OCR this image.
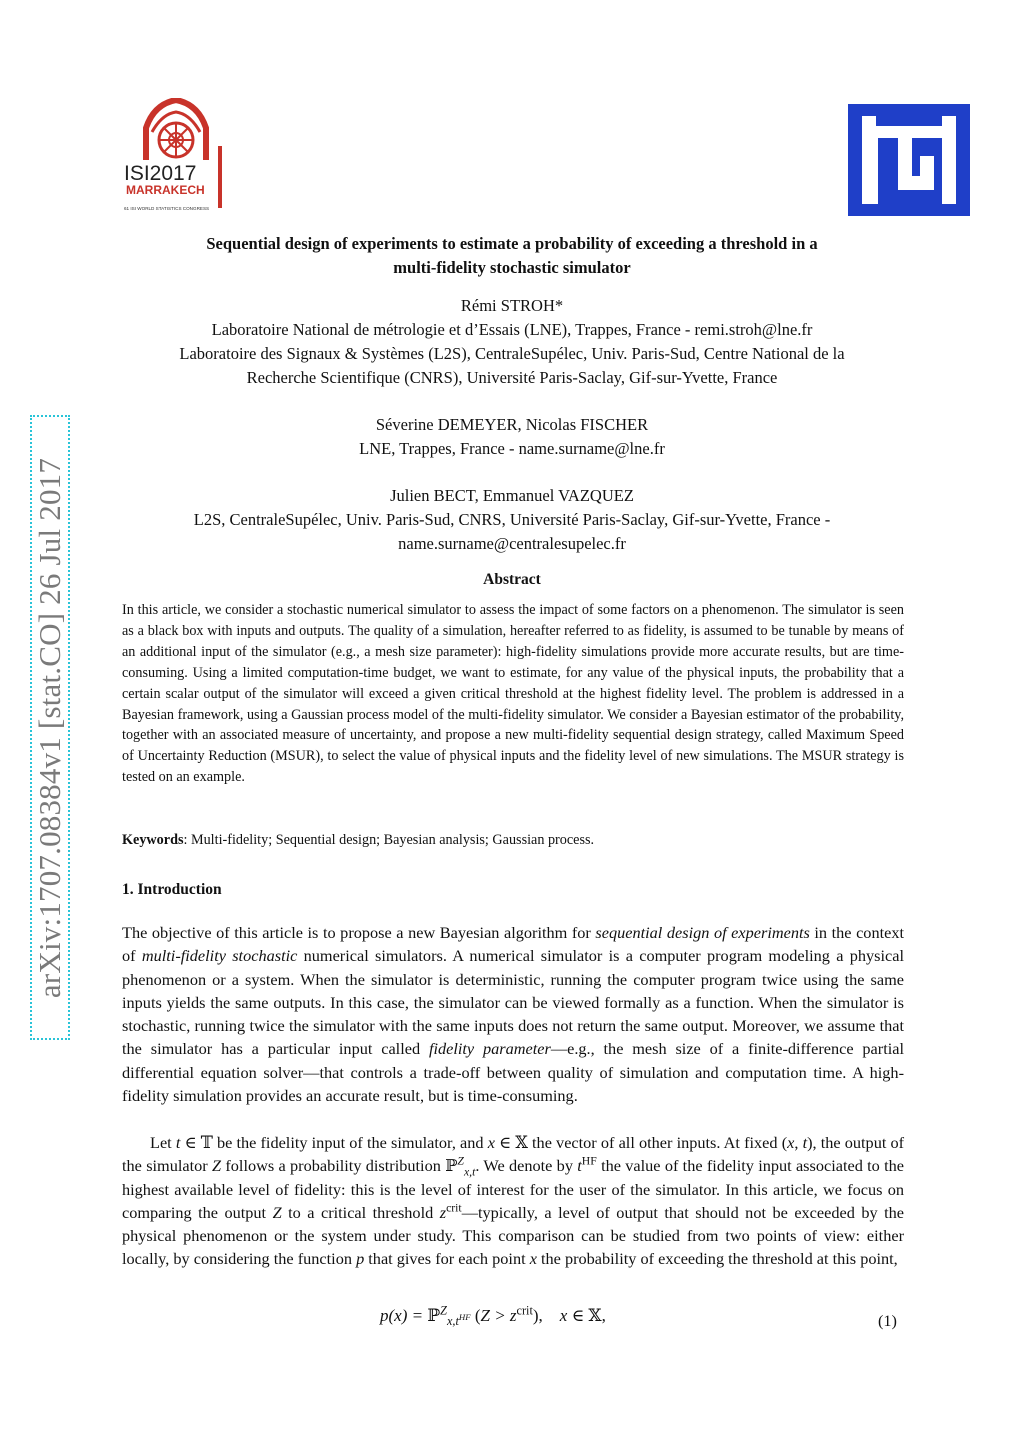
ISI2017
MARRAKECH
61 ISI WORLD STATISTICS CONGRESS
arXiv:1707.08384v1 [stat.CO] 26 Jul 2017
Sequential design of experiments to estimate a probability of exceeding a threshold in a
multi-fidelity stochastic simulator
Rémi STROH*
Laboratoire National de métrologie et d’Essais (LNE), Trappes, France - remi.stroh@lne.fr
Laboratoire des Signaux & Systèmes (L2S), CentraleSupélec, Univ. Paris-Sud, Centre National de la
Recherche Scientifique (CNRS), Université Paris-Saclay, Gif-sur-Yvette, France
Séverine DEMEYER, Nicolas FISCHER
LNE, Trappes, France - name.surname@lne.fr
Julien BECT, Emmanuel VAZQUEZ
L2S, CentraleSupélec, Univ. Paris-Sud, CNRS, Université Paris-Saclay, Gif-sur-Yvette, France -
name.surname@centralesupelec.fr
Abstract
In this article, we consider a stochastic numerical simulator to assess the impact of some factors on a phenomenon. The simulator is seen as a black box with inputs and outputs. The quality of a simulation, hereafter referred to as fidelity, is assumed to be tunable by means of an additional input of the simulator (e.g., a mesh size parameter): high-fidelity simulations provide more accurate results, but are time-consuming. Using a limited computation-time budget, we want to estimate, for any value of the physical inputs, the probability that a certain scalar output of the simulator will exceed a given critical threshold at the highest fidelity level. The problem is addressed in a Bayesian framework, using a Gaussian process model of the multi-fidelity simulator. We consider a Bayesian estimator of the probability, together with an associated measure of uncertainty, and propose a new multi-fidelity sequential design strategy, called Maximum Speed of Uncertainty Reduction (MSUR), to select the value of physical inputs and the fidelity level of new simulations. The MSUR strategy is tested on an example.
Keywords: Multi-fidelity; Sequential design; Bayesian analysis; Gaussian process.
1. Introduction
The objective of this article is to propose a new Bayesian algorithm for sequential design of experiments in the context of multi-fidelity stochastic numerical simulators. A numerical simulator is a computer program modeling a physical phenomenon or a system. When the simulator is deterministic, running the computer program twice using the same inputs yields the same outputs. In this case, the simulator can be viewed formally as a function. When the simulator is stochastic, running twice the simulator with the same inputs does not return the same output. Moreover, we assume that the simulator has a particular input called fidelity parameter—e.g., the mesh size of a finite-difference partial differential equation solver—that controls a trade-off between quality of simulation and computation time. A high-fidelity simulation provides an accurate result, but is time-consuming.
Let t ∈ 𝕋 be the fidelity input of the simulator, and x ∈ 𝕏 the vector of all other inputs. At fixed (x, t), the output of the simulator Z follows a probability distribution ℙ$^Z_{x,t}$. We denote by $t^{HF}$ the value of the fidelity input associated to the highest available level of fidelity: this is the level of interest for the user of the simulator. In this article, we focus on comparing the output Z to a critical threshold $z^{crit}—typically$, a level of output that should not be exceeded by the physical phenomenon or the system under study. This comparison can be studied from two points of view: either locally, by considering the function p that gives for each point x the probability of exceeding the threshold at this point,
p(x) = ℙ$^Z_{x,t^{HF}}$ $(Z > z^{crit})$,    x ∈ 𝕏,	(1)
